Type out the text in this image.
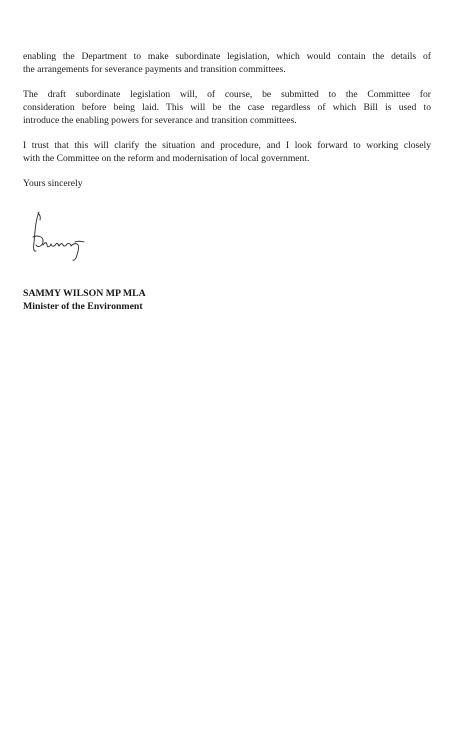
enabling the Department to make subordinate legislation, which would contain the details of
the arrangements for severance payments and transition committees.

The draft subordinate legislation will, of course, be submitted to the Committee for
consideration before being laid. This will be the case regardless of which Bill is used to
introduce the enabling powers for severance and transition committees.

I trust that this will clarify the situation and procedure, and I look forward to working closely
with the Committee on the reform and modernisation of local government.

Yours sincerely

SAMMY WILSON MP MLA
Minister of the Environment
